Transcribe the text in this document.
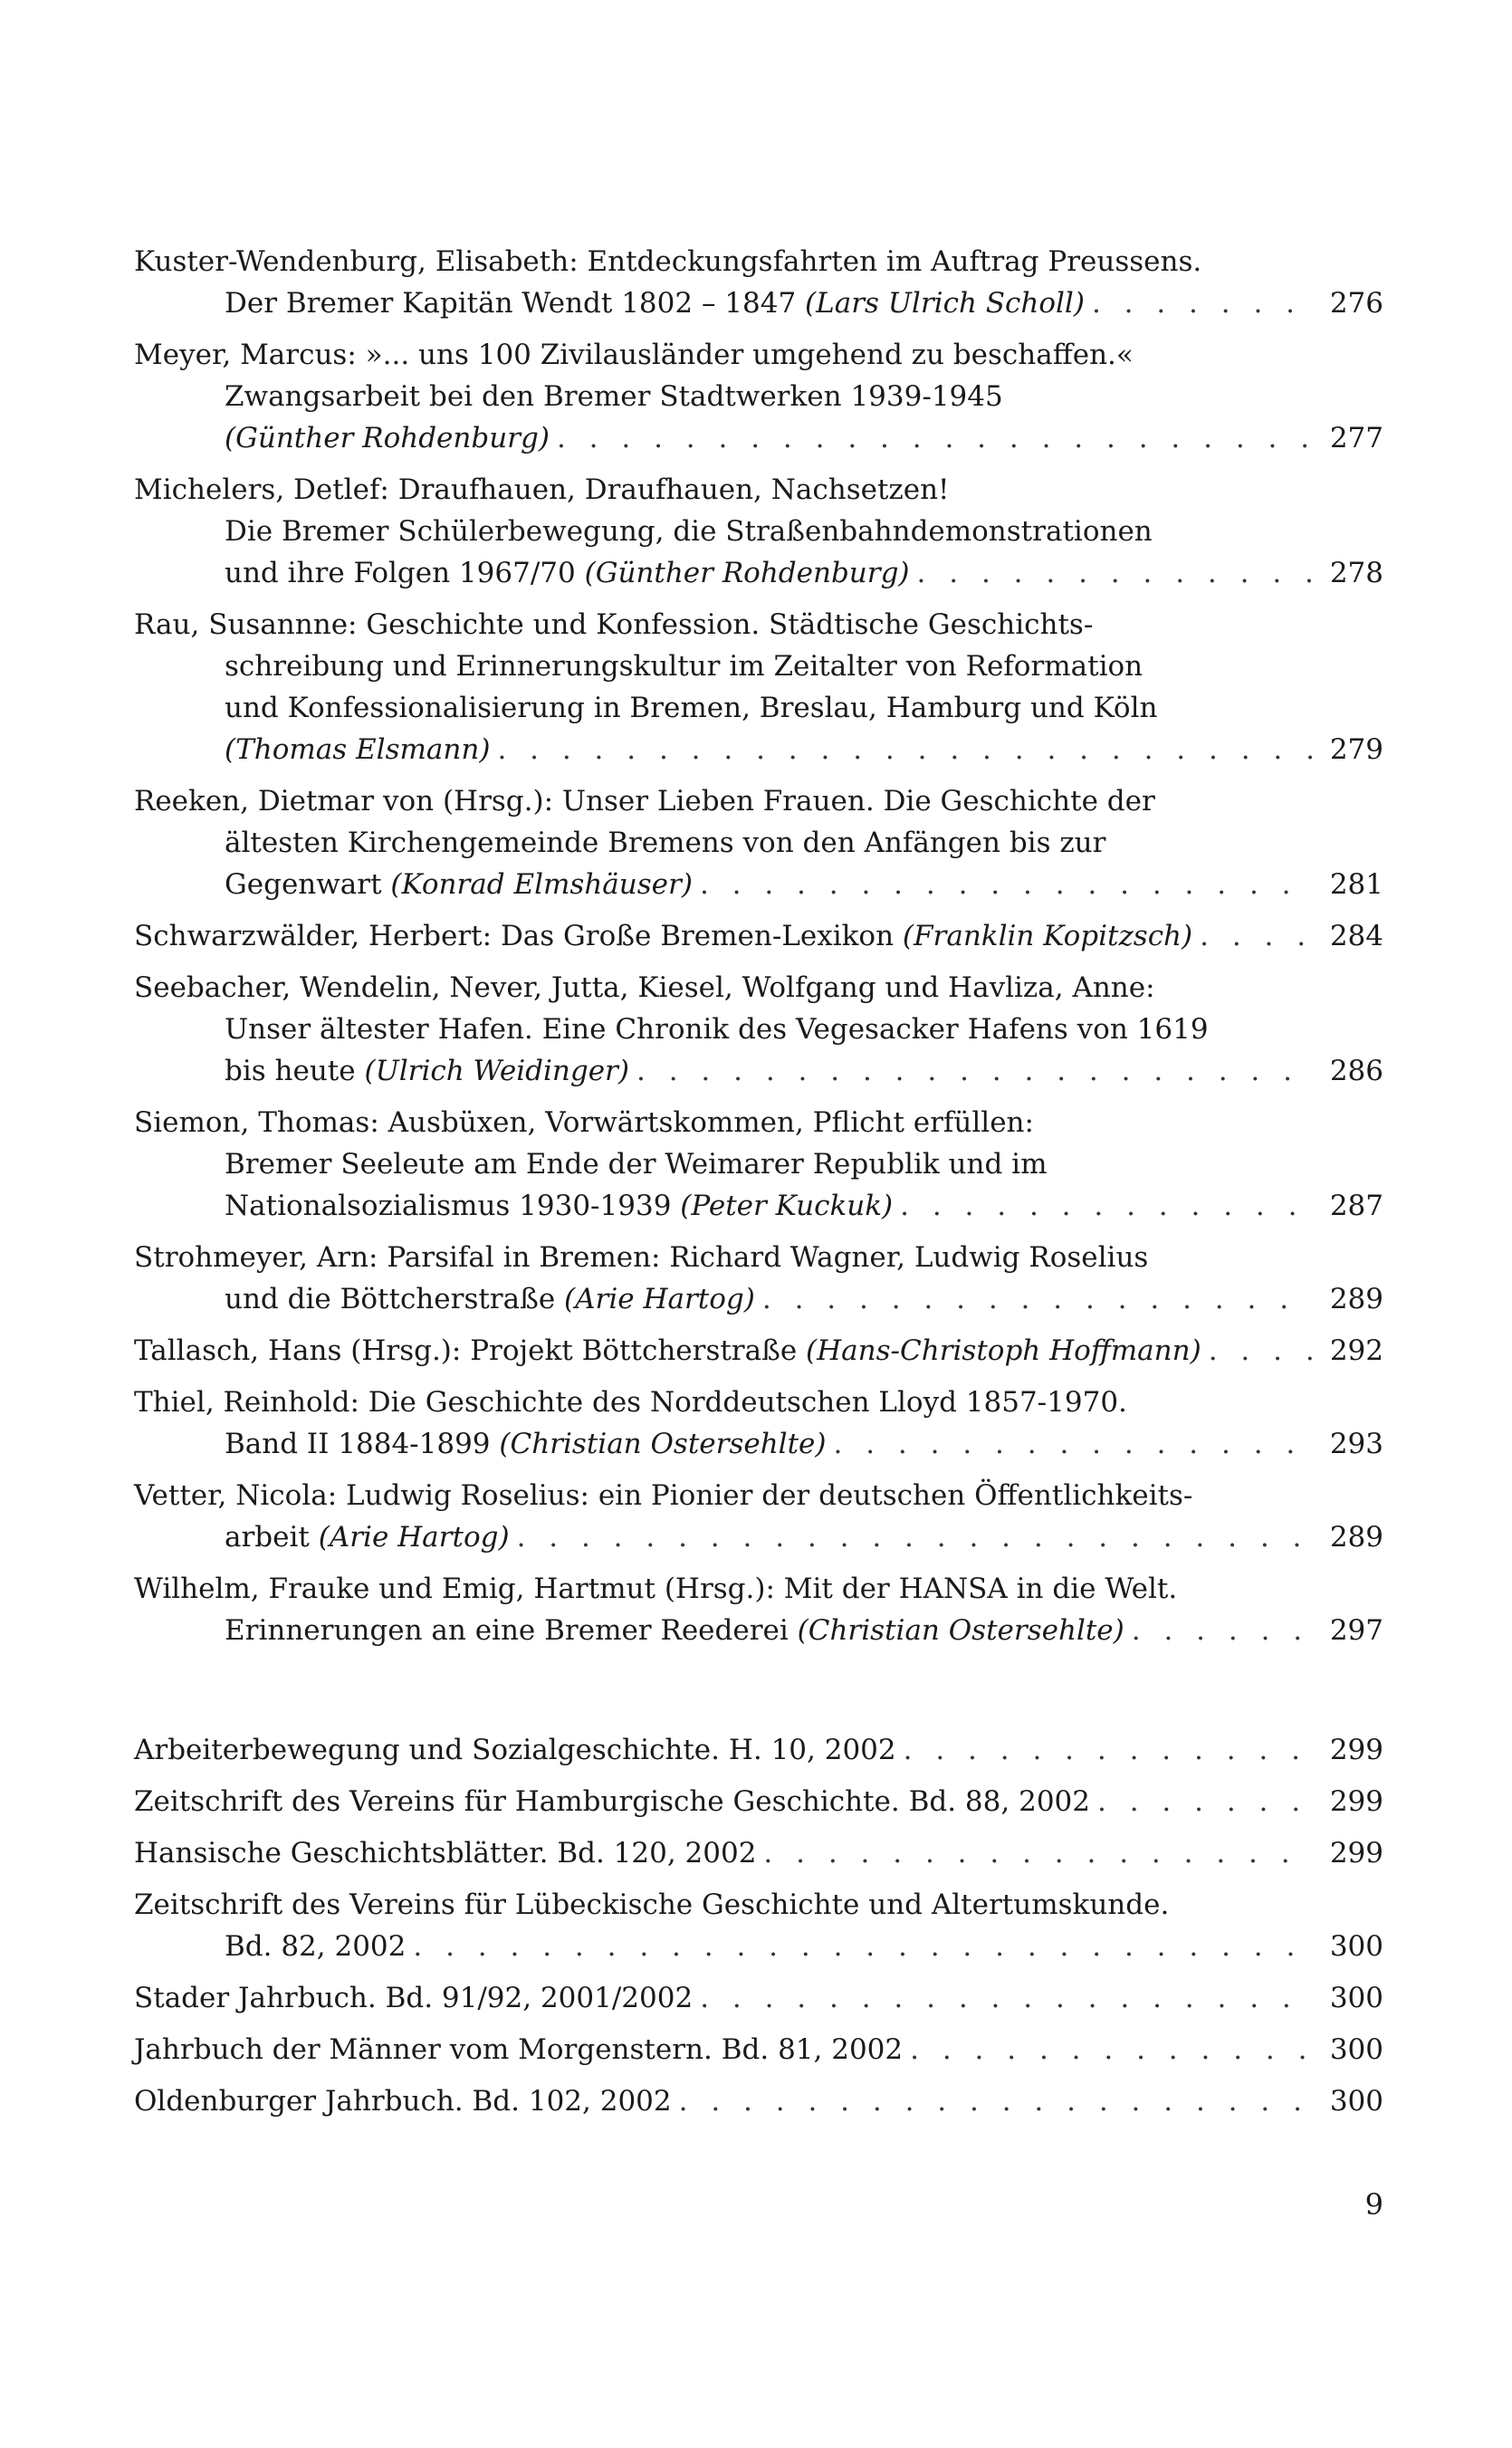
Kuster-Wendenburg, Elisabeth: Entdeckungsfahrten im Auftrag Preussens.
Der Bremer Kapitän Wendt 1802 – 1847 ( Lars Ulrich Scholl ) . . .	276
Meyer, Marcus: »... uns 100 Zivilausländer umgehend zu beschaffen.«
Zwangsarbeit bei den Bremer Stadtwerken 1939-1945
( Günther Rohdenburg ) . . .	277
Michelers, Detlef: Draufhauen, Draufhauen, Nachsetzen!
Die Bremer Schülerbewegung, die Straßenbahndemonstrationen
und ihre Folgen 1967/70 ( Günther Rohdenburg ) . . .	278
Rau, Susannne: Geschichte und Konfession. Städtische Geschichts-
schreibung und Erinnerungskultur im Zeitalter von Reformation
und Konfessionalisierung in Bremen, Breslau, Hamburg und Köln
( Thomas Elsmann ) . . .	279
Reeken, Dietmar von (Hrsg.): Unser Lieben Frauen. Die Geschichte der
ältesten Kirchengemeinde Bremens von den Anfängen bis zur
Gegenwart ( Konrad Elmshäuser ) . . .	281
Schwarzwälder, Herbert: Das Große Bremen-Lexikon ( Franklin Kopitzsch ) . . .	284
Seebacher, Wendelin, Never, Jutta, Kiesel, Wolfgang und Havliza, Anne:
Unser ältester Hafen. Eine Chronik des Vegesacker Hafens von 1619
bis heute ( Ulrich Weidinger ) . . .	286
Siemon, Thomas: Ausbüxen, Vorwärtskommen, Pflicht erfüllen:
Bremer Seeleute am Ende der Weimarer Republik und im
Nationalsozialismus 1930-1939 ( Peter Kuckuk ) . . .	287
Strohmeyer, Arn: Parsifal in Bremen: Richard Wagner, Ludwig Roselius
und die Böttcherstraße ( Arie Hartog ) . . .	289
Tallasch, Hans (Hrsg.): Projekt Böttcherstraße ( Hans-Christoph Hoffmann ) . . .	292
Thiel, Reinhold: Die Geschichte des Norddeutschen Lloyd 1857-1970.
Band II 1884-1899 ( Christian Ostersehlte ) . . .	293
Vetter, Nicola: Ludwig Roselius: ein Pionier der deutschen Öffentlichkeits-
arbeit ( Arie Hartog ) . . .	289
Wilhelm, Frauke und Emig, Hartmut (Hrsg.): Mit der HANSA in die Welt.
Erinnerungen an eine Bremer Reederei ( Christian Ostersehlte ) . . .	297
Arbeiterbewegung und Sozialgeschichte. H. 10, 2002 . . .	299
Zeitschrift des Vereins für Hamburgische Geschichte. Bd. 88, 2002 . . .	299
Hansische Geschichtsblätter. Bd. 120, 2002 . . .	299
Zeitschrift des Vereins für Lübeckische Geschichte und Altertumskunde.
Bd. 82, 2002 . . .	300
Stader Jahrbuch. Bd. 91/92, 2001/2002 . . .	300
Jahrbuch der Männer vom Morgenstern. Bd. 81, 2002 . . .	300
Oldenburger Jahrbuch. Bd. 102, 2002 . . .	300
9
